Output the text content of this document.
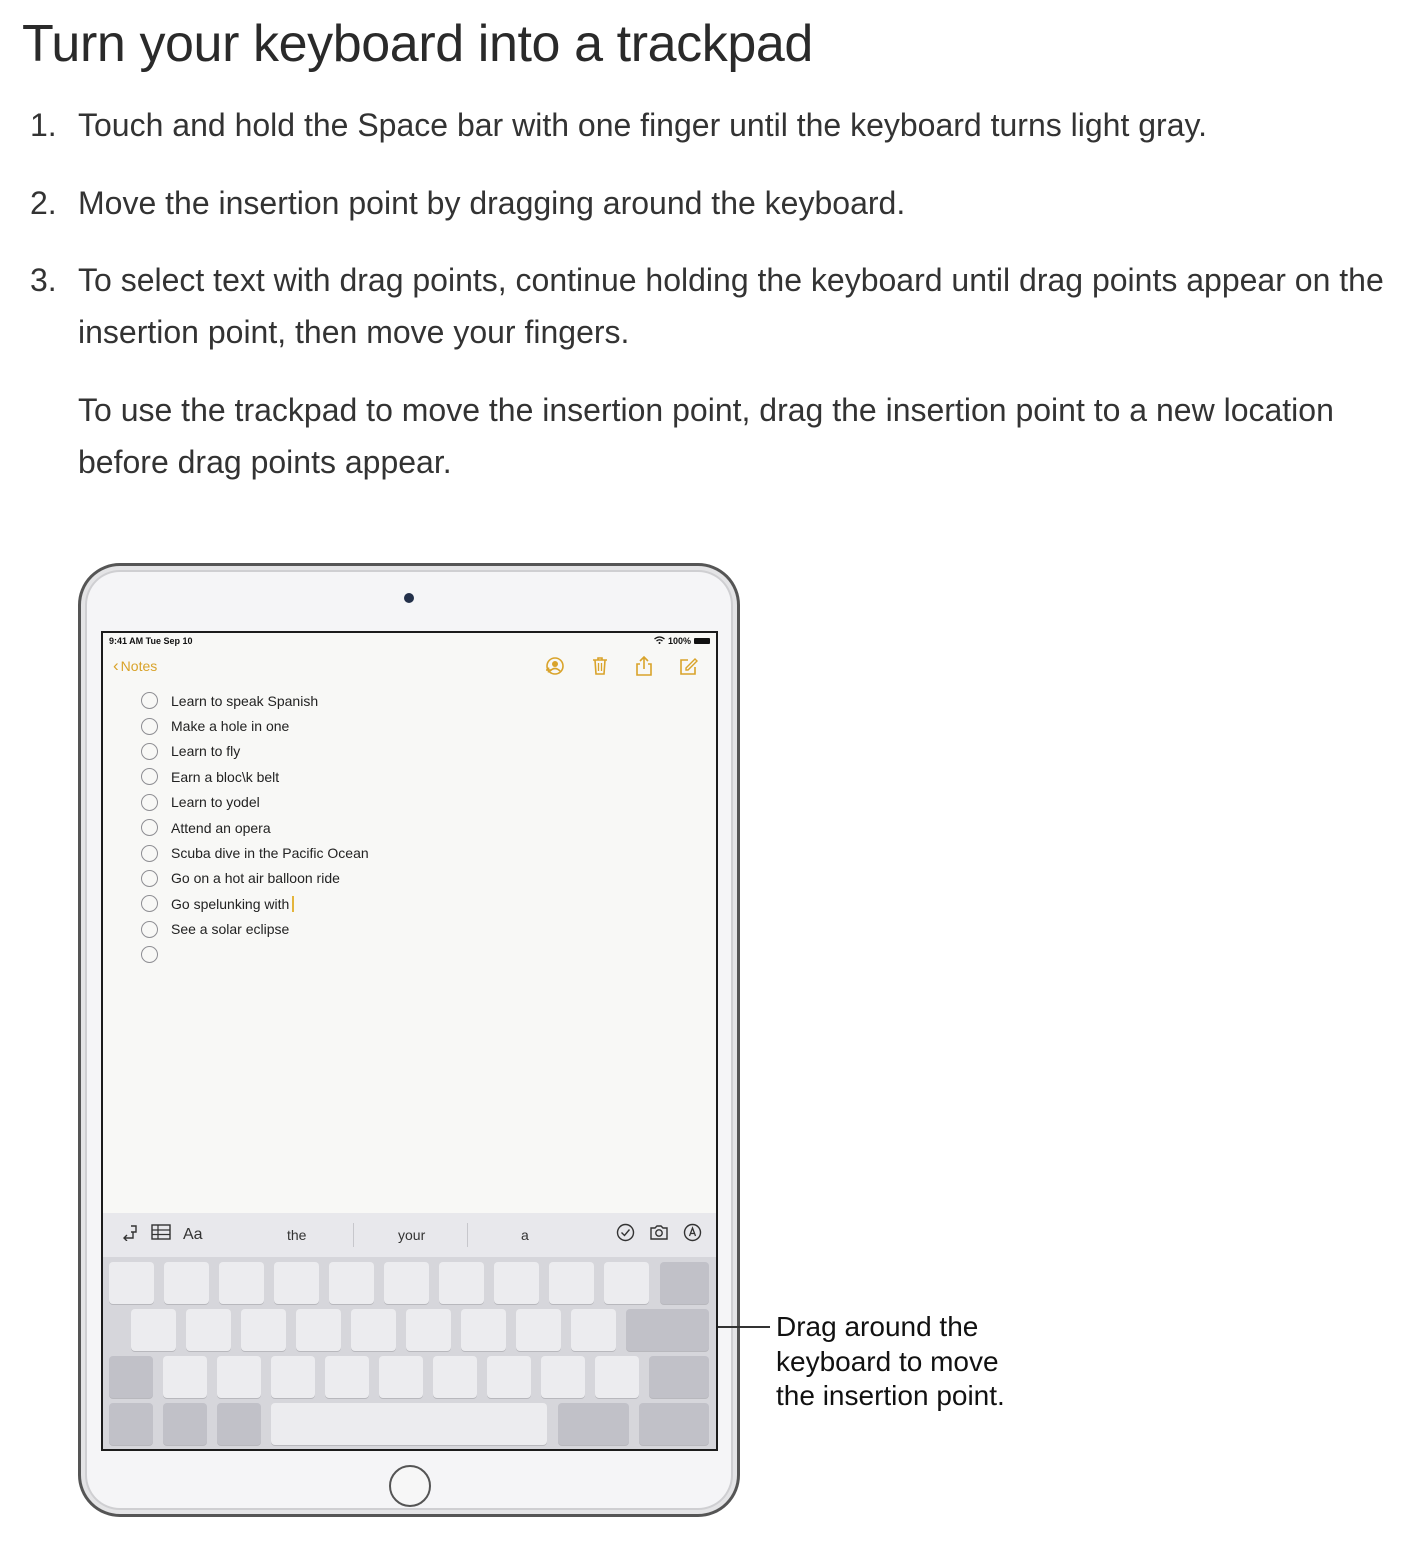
Turn your keyboard into a trackpad
1. Touch and hold the Space bar with one finger until the keyboard turns light gray.
2. Move the insertion point by dragging around the keyboard.
3. To select text with drag points, continue holding the keyboard until drag points appear on the insertion point, then move your fingers.
To use the trackpad to move the insertion point, drag the insertion point to a new location before drag points appear.
9:41 AM Tue Sep 10	100%
‹ Notes
Learn to speak Spanish
Make a hole in one
Learn to fly
Earn a bloc\k belt
Learn to yodel
Attend an opera
Scuba dive in the Pacific Ocean
Go on a hot air balloon ride
Go spelunking with
See a solar eclipse
Aa	the	your	a
Drag around the
keyboard to move
the insertion point.
